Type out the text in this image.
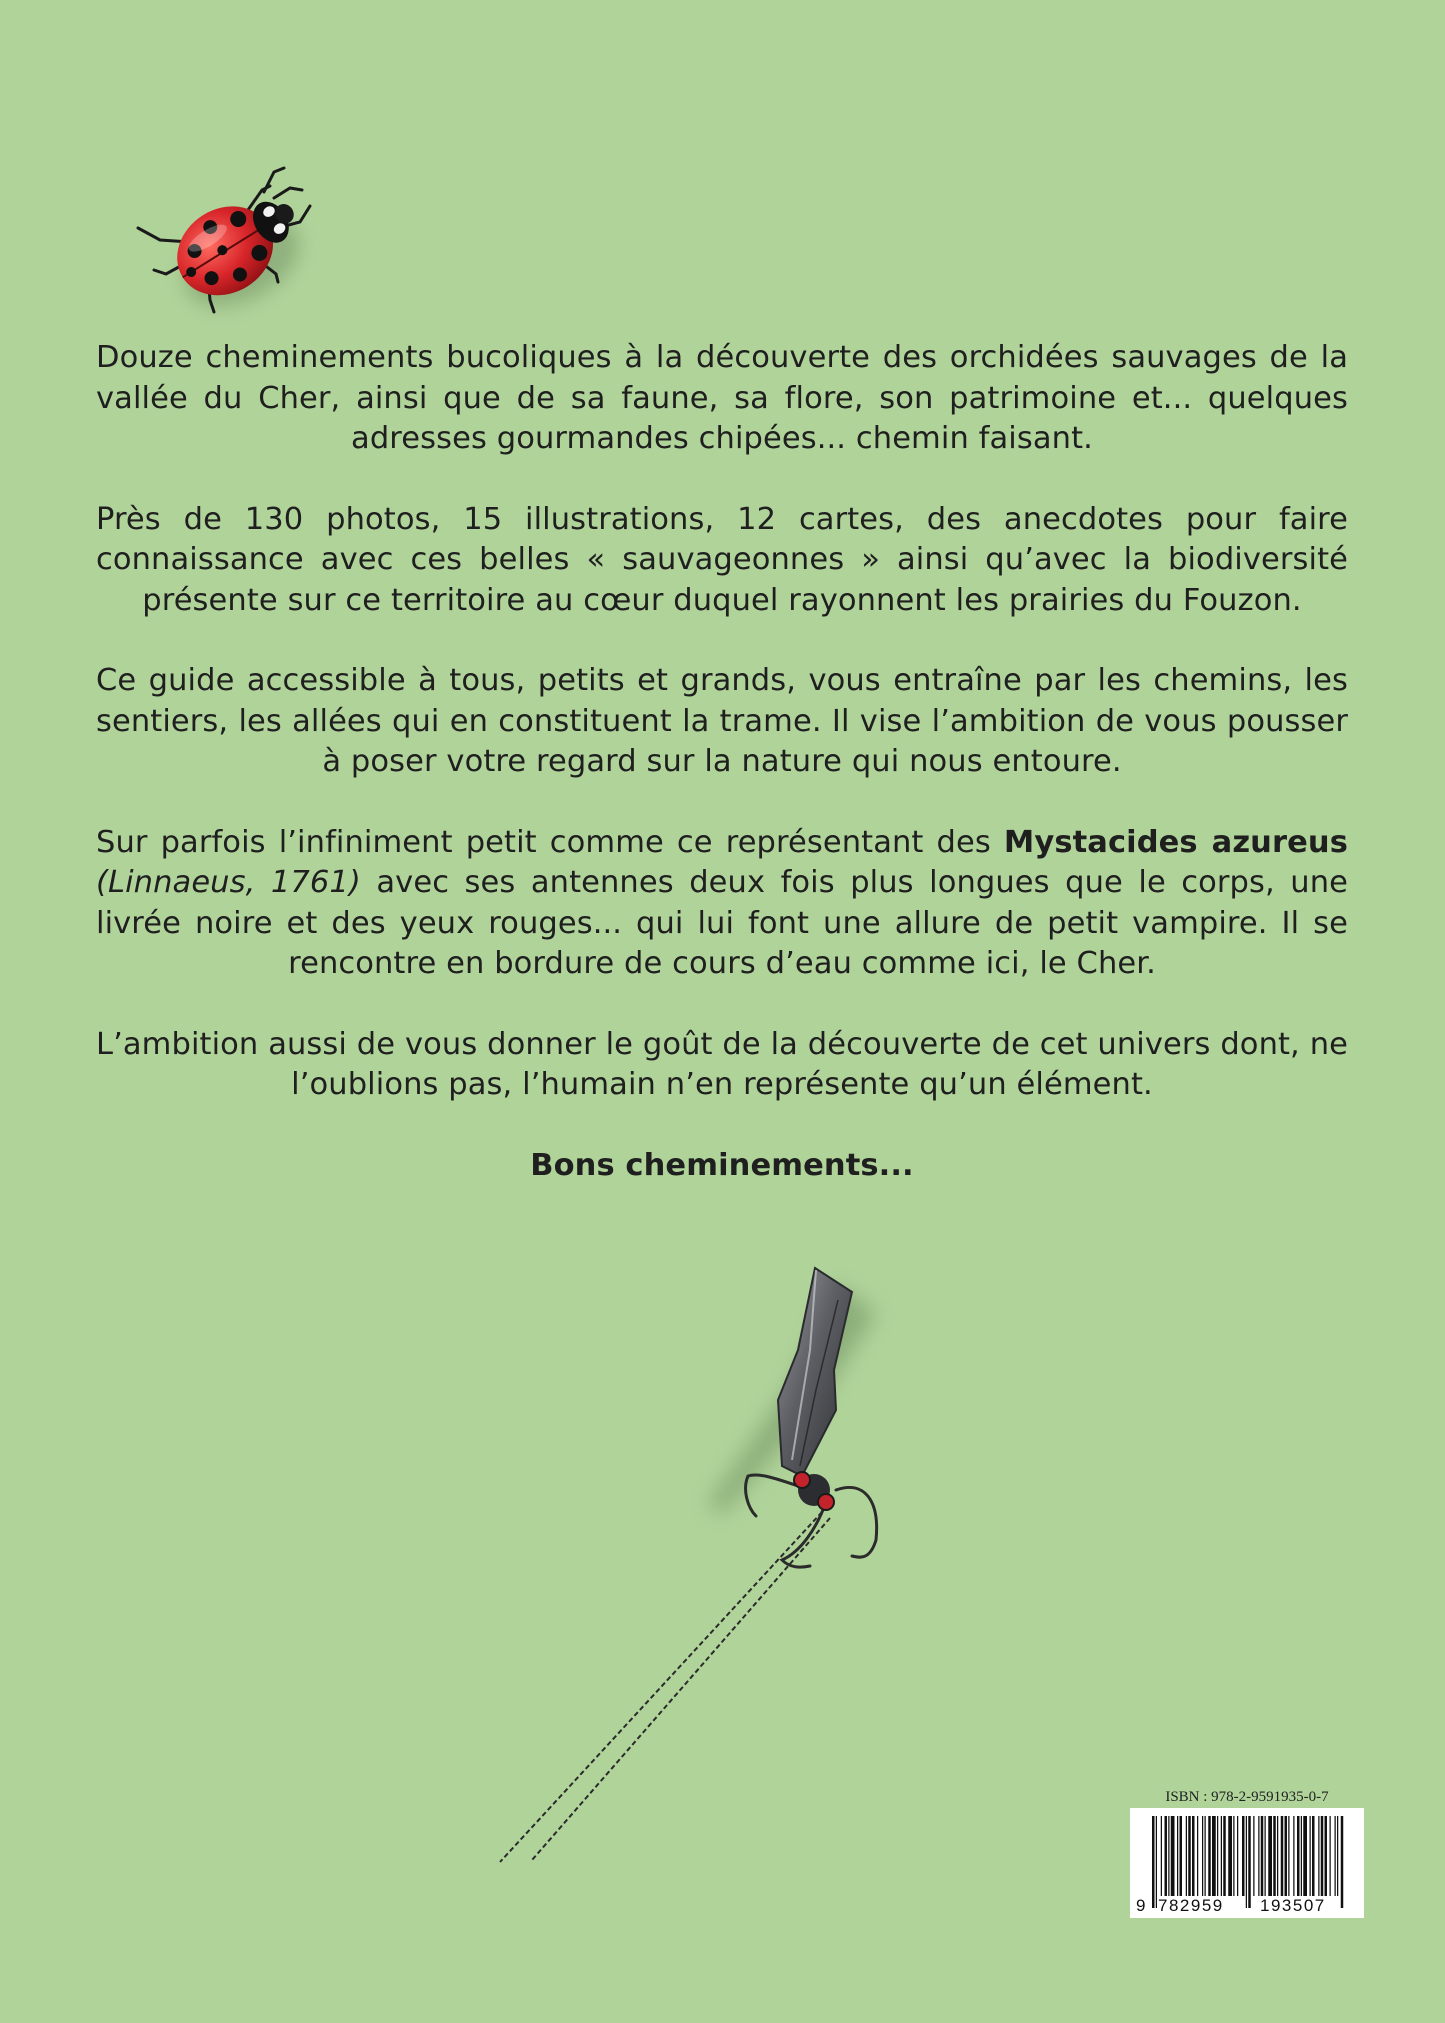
Douze cheminements bucoliques à la découverte des orchidées sauvages de la vallée du Cher, ainsi que de sa faune, sa flore, son patrimoine et... quelques adresses gourmandes chipées... chemin faisant.

Près de 130 photos, 15 illustrations, 12 cartes, des anecdotes pour faire connaissance avec ces belles « sauvageonnes » ainsi qu’avec la biodiversité présente sur ce territoire au cœur duquel rayonnent les prairies du Fouzon.

Ce guide accessible à tous, petits et grands, vous entraîne par les chemins, les sentiers, les allées qui en constituent la trame. Il vise l’ambition de vous pousser à poser votre regard sur la nature qui nous entoure.

Sur parfois l’infiniment petit comme ce représentant des Mystacides azureus (Linnaeus, 1761) avec ses antennes deux fois plus longues que le corps, une livrée noire et des yeux rouges... qui lui font une allure de petit vampire. Il se rencontre en bordure de cours d’eau comme ici, le Cher.

L’ambition aussi de vous donner le goût de la découverte de cet univers dont, ne l’oublions pas, l’humain n’en représente qu’un élément.

Bons cheminements...

ISBN : 978-2-9591935-0-7
9 782959 193507
